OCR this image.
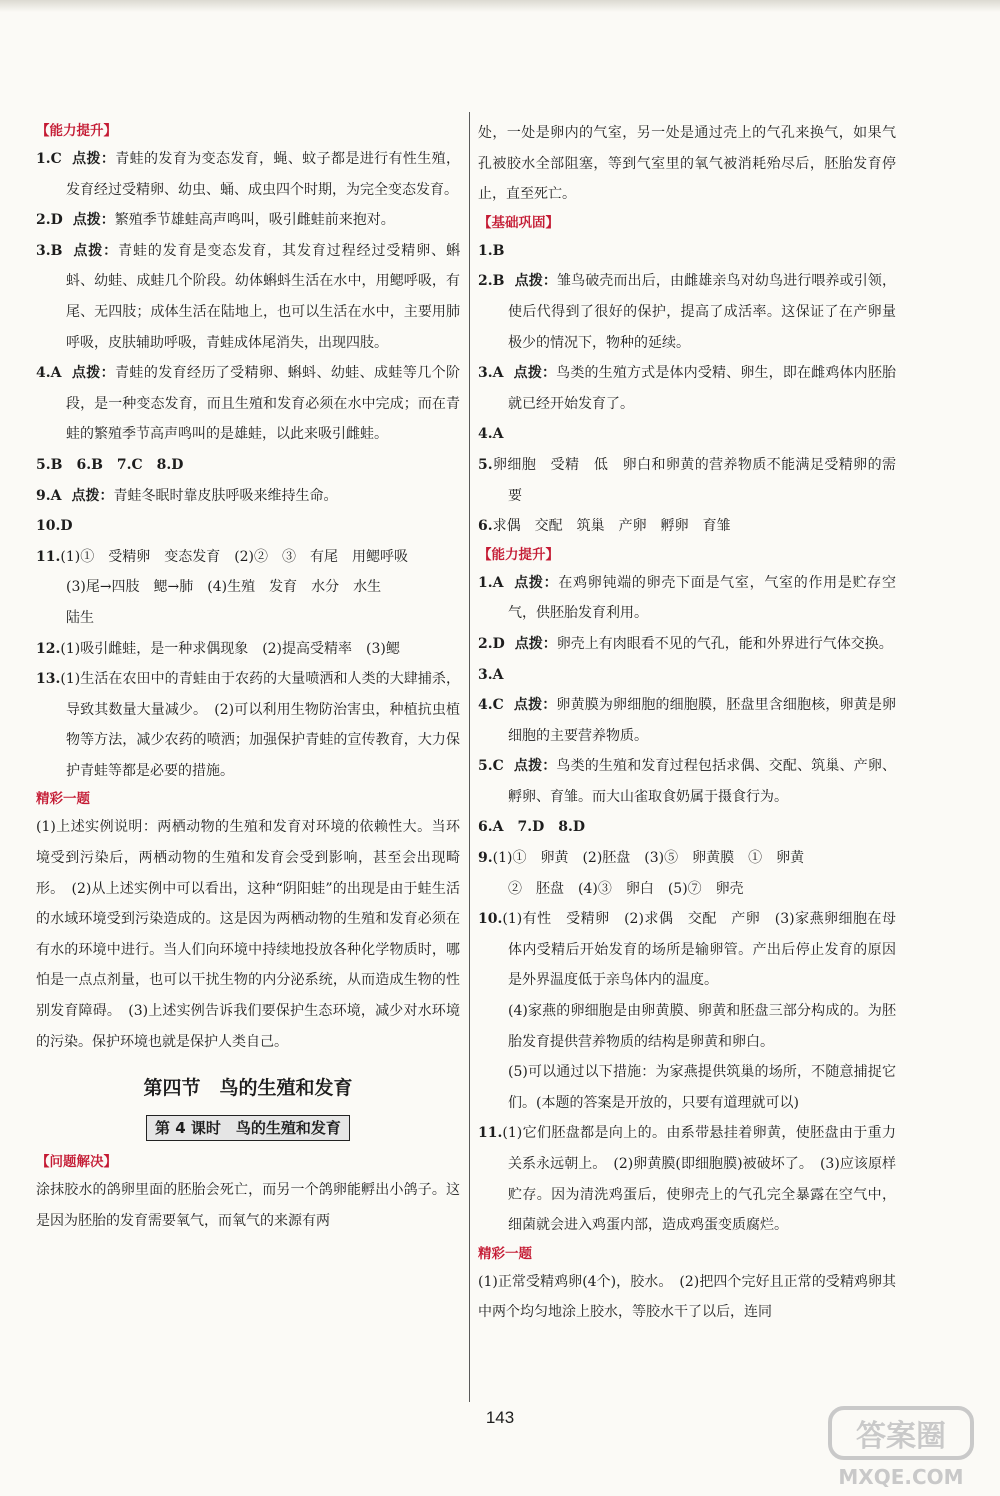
【能力提升】
1.C 点拨：青蛙的发育为变态发育，蝇、蚊子都是进行有性生殖，发育经过受精卵、幼虫、蛹、成虫四个时期，为完全变态发育。
2.D 点拨：繁殖季节雄蛙高声鸣叫，吸引雌蛙前来抱对。
3.B 点拨：青蛙的发育是变态发育，其发育过程经过受精卵、蝌蚪、幼蛙、成蛙几个阶段。幼体蝌蚪生活在水中，用鳃呼吸，有尾、无四肢；成体生活在陆地上，也可以生活在水中，主要用肺呼吸，皮肤辅助呼吸，青蛙成体尾消失，出现四肢。
4.A 点拨：青蛙的发育经历了受精卵、蝌蚪、幼蛙、成蛙等几个阶段，是一种变态发育，而且生殖和发育必须在水中完成；而在青蛙的繁殖季节高声鸣叫的是雄蛙，以此来吸引雌蛙。
5.B　6.B　7.C　8.D
9.A 点拨：青蛙冬眠时靠皮肤呼吸来维持生命。
10.D
11.(1)①　受精卵　变态发育　(2)②　③　有尾　用鳃呼吸
(3)尾→四肢　鳃→肺　(4)生殖　发育　水分　水生
陆生
12.(1)吸引雌蛙，是一种求偶现象　(2)提高受精率　(3)鳃
13.(1)生活在农田中的青蛙由于农药的大量喷洒和人类的大肆捕杀，导致其数量大量减少。　(2)可以利用生物防治害虫，种植抗虫植物等方法，减少农药的喷洒；加强保护青蛙的宣传教育，大力保护青蛙等都是必要的措施。
精彩一题
(1)上述实例说明：两栖动物的生殖和发育对环境的依赖性大。当环境受到污染后，两栖动物的生殖和发育会受到影响，甚至会出现畸形。　(2)从上述实例中可以看出，这种“阴阳蛙”的出现是由于蛙生活的水域环境受到污染造成的。这是因为两栖动物的生殖和发育必须在有水的环境中进行。当人们向环境中持续地投放各种化学物质时，哪怕是一点点剂量，也可以干扰生物的内分泌系统，从而造成生物的性别发育障碍。　(3)上述实例告诉我们要保护生态环境，减少对水环境的污染。保护环境也就是保护人类自己。
第四节　鸟的生殖和发育
第 4 课时　鸟的生殖和发育
【问题解决】
涂抹胶水的鸽卵里面的胚胎会死亡，而另一个鸽卵能孵出小鸽子。这是因为胚胎的发育需要氧气，而氧气的来源有两
处，一处是卵内的气室，另一处是通过壳上的气孔来换气，如果气孔被胶水全部阻塞，等到气室里的氧气被消耗殆尽后，胚胎发育停止，直至死亡。
【基础巩固】
1.B
2.B 点拨：雏鸟破壳而出后，由雌雄亲鸟对幼鸟进行喂养或引领，使后代得到了很好的保护，提高了成活率。这保证了在产卵量极少的情况下，物种的延续。
3.A 点拨：鸟类的生殖方式是体内受精、卵生，即在雌鸡体内胚胎就已经开始发育了。
4.A
5.卵细胞　受精　低　卵白和卵黄的营养物质不能满足受精卵的需要
6.求偶　交配　筑巢　产卵　孵卵　育雏
【能力提升】
1.A 点拨：在鸡卵钝端的卵壳下面是气室，气室的作用是贮存空气，供胚胎发育利用。
2.D 点拨：卵壳上有肉眼看不见的气孔，能和外界进行气体交换。
3.A
4.C 点拨：卵黄膜为卵细胞的细胞膜，胚盘里含细胞核，卵黄是卵细胞的主要营养物质。
5.C 点拨：鸟类的生殖和发育过程包括求偶、交配、筑巢、产卵、孵卵、育雏。而大山雀取食奶属于摄食行为。
6.A　7.D　8.D
9.(1)①　卵黄　(2)胚盘　(3)⑤　卵黄膜　①　卵黄
②　胚盘　(4)③　卵白　(5)⑦　卵壳
10.(1)有性　受精卵　(2)求偶　交配　产卵　(3)家燕卵细胞在母体内受精后开始发育的场所是输卵管。产出后停止发育的原因是外界温度低于亲鸟体内的温度。
(4)家燕的卵细胞是由卵黄膜、卵黄和胚盘三部分构成的。为胚胎发育提供营养物质的结构是卵黄和卵白。
(5)可以通过以下措施：为家燕提供筑巢的场所，不随意捕捉它们。(本题的答案是开放的，只要有道理就可以)
11.(1)它们胚盘都是向上的。由系带悬挂着卵黄，使胚盘由于重力关系永远朝上。　(2)卵黄膜(即细胞膜)被破坏了。　(3)应该原样贮存。因为清洗鸡蛋后，使卵壳上的气孔完全暴露在空气中，细菌就会进入鸡蛋内部，造成鸡蛋变质腐烂。
精彩一题
(1)正常受精鸡卵(4个)，胶水。　(2)把四个完好且正常的受精鸡卵其中两个均匀地涂上胶水，等胶水干了以后，连同
143
答案圈
MXQE.COM
